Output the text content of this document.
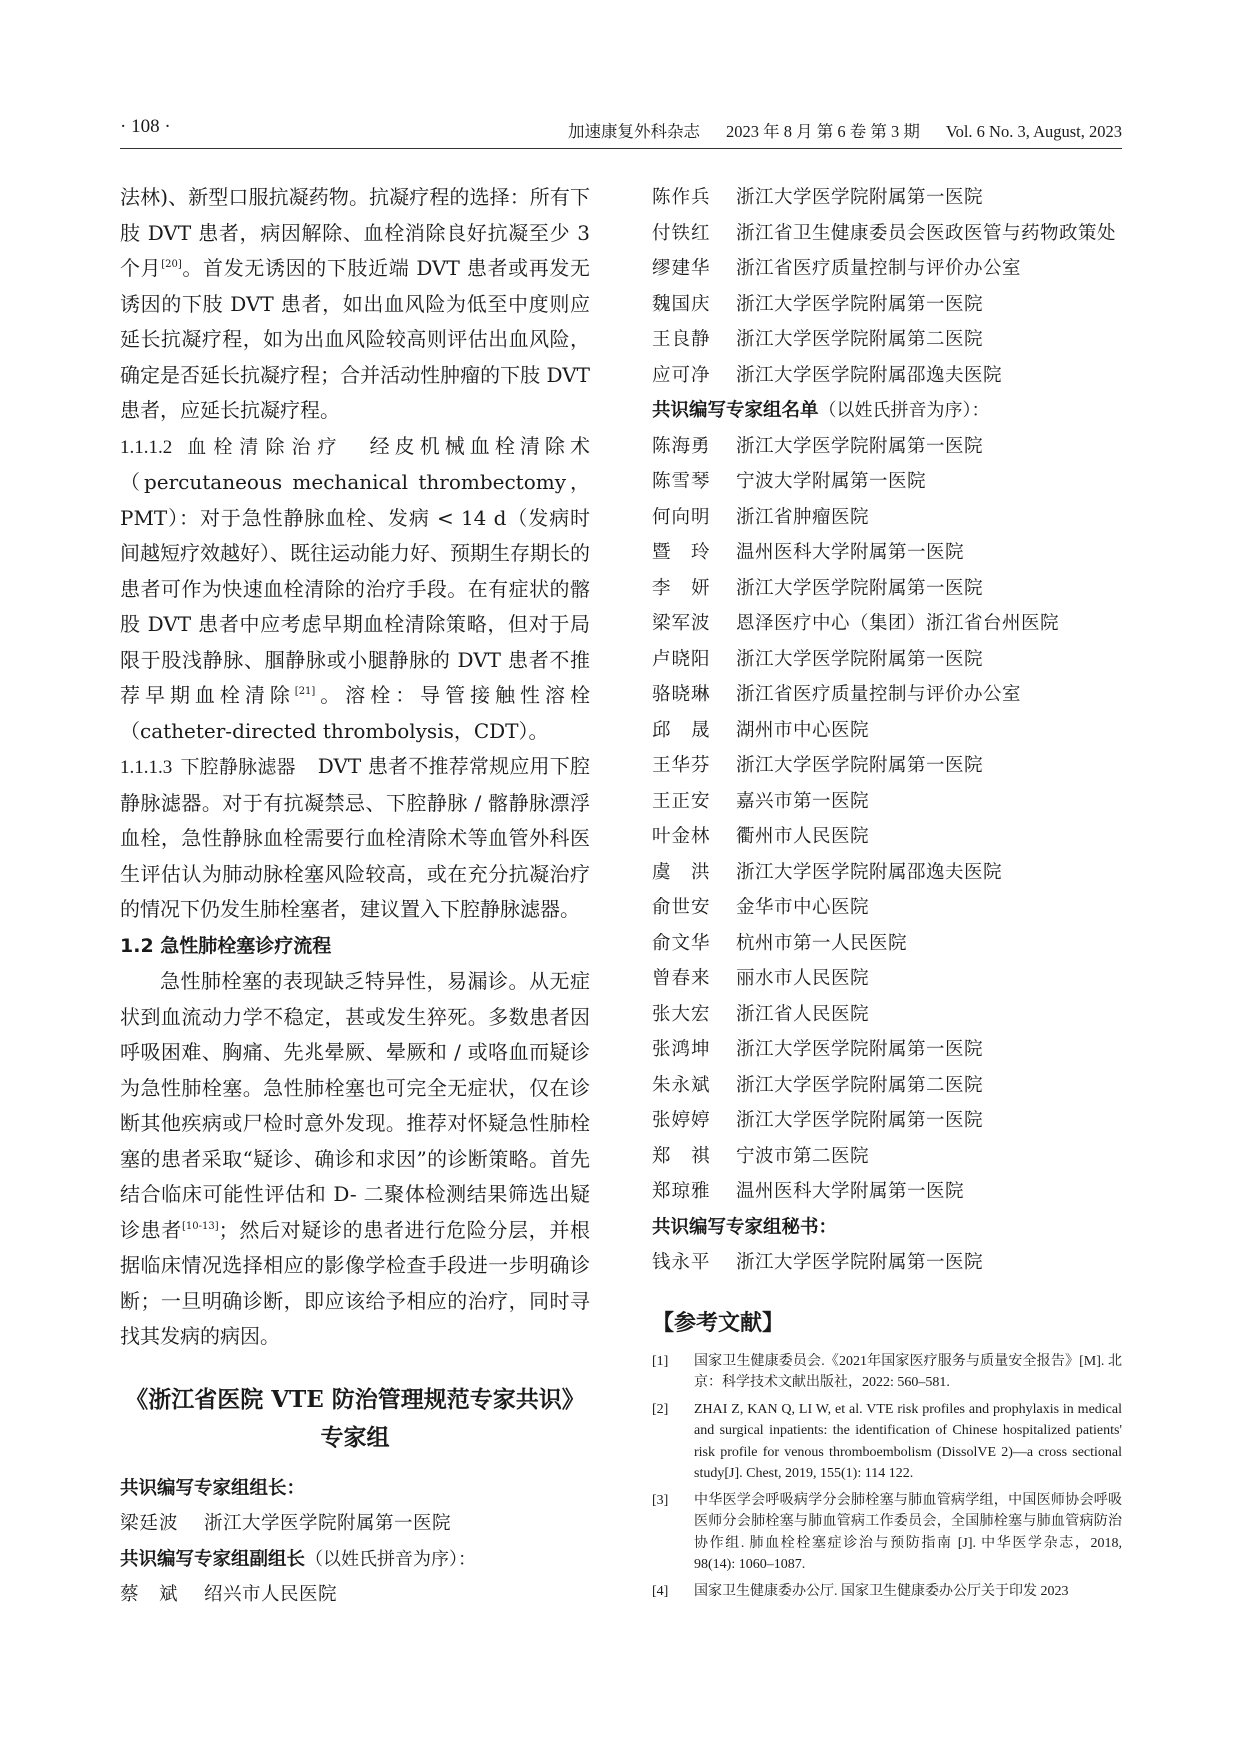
· 108 ·	加速康复外科杂志 2023 年 8 月 第 6 卷 第 3 期 Vol. 6 No. 3, August, 2023

法林)、新型口服抗凝药物。抗凝疗程的选择：所有下肢 DVT 患者，病因解除、血栓消除良好抗凝至少 3 个月[20]。首发无诱因的下肢近端 DVT 患者或再发无诱因的下肢 DVT 患者，如出血风险为低至中度则应延长抗凝疗程，如为出血风险较高则评估出血风险，确定是否延长抗凝疗程；合并活动性肿瘤的下肢 DVT 患者，应延长抗凝疗程。

1.1.1.2 血栓清除治疗 经皮机械血栓清除术（percutaneous mechanical thrombectomy，PMT）：对于急性静脉血栓、发病 < 14 d（发病时间越短疗效越好）、既往运动能力好、预期生存期长的患者可作为快速血栓清除的治疗手段。在有症状的髂股 DVT 患者中应考虑早期血栓清除策略，但对于局限于股浅静脉、腘静脉或小腿静脉的 DVT 患者不推荐早期血栓清除[21]。溶栓：导管接触性溶栓（catheter-directed thrombolysis，CDT）。

1.1.1.3 下腔静脉滤器 DVT 患者不推荐常规应用下腔静脉滤器。对于有抗凝禁忌、下腔静脉 / 髂静脉漂浮血栓，急性静脉血栓需要行血栓清除术等血管外科医生评估认为肺动脉栓塞风险较高，或在充分抗凝治疗的情况下仍发生肺栓塞者，建议置入下腔静脉滤器。

1.2 急性肺栓塞诊疗流程

急性肺栓塞的表现缺乏特异性，易漏诊。从无症状到血流动力学不稳定，甚或发生猝死。多数患者因呼吸困难、胸痛、先兆晕厥、晕厥和 / 或咯血而疑诊为急性肺栓塞。急性肺栓塞也可完全无症状，仅在诊断其他疾病或尸检时意外发现。推荐对怀疑急性肺栓塞的患者采取“疑诊、确诊和求因”的诊断策略。首先结合临床可能性评估和 D- 二聚体检测结果筛选出疑诊患者[10-13]；然后对疑诊的患者进行危险分层，并根据临床情况选择相应的影像学检查手段进一步明确诊断；一旦明确诊断，即应该给予相应的治疗，同时寻找其发病的病因。

《浙江省医院 VTE 防治管理规范专家共识》
专家组

共识编写专家组组长：

梁廷波	浙江大学医学院附属第一医院

共识编写专家组副组长（以姓氏拼音为序）：

蔡　斌	绍兴市人民医院
陈作兵	浙江大学医学院附属第一医院
付铁红	浙江省卫生健康委员会医政医管与药物政策处
缪建华	浙江省医疗质量控制与评价办公室
魏国庆	浙江大学医学院附属第一医院
王良静	浙江大学医学院附属第二医院
应可净	浙江大学医学院附属邵逸夫医院

共识编写专家组名单（以姓氏拼音为序）：

陈海勇	浙江大学医学院附属第一医院
陈雪琴	宁波大学附属第一医院
何向明	浙江省肿瘤医院
暨　玲	温州医科大学附属第一医院
李　妍	浙江大学医学院附属第一医院
梁军波	恩泽医疗中心（集团）浙江省台州医院
卢晓阳	浙江大学医学院附属第一医院
骆晓琳	浙江省医疗质量控制与评价办公室
邱　晟	湖州市中心医院
王华芬	浙江大学医学院附属第一医院
王正安	嘉兴市第一医院
叶金林	衢州市人民医院
虞　洪	浙江大学医学院附属邵逸夫医院
俞世安	金华市中心医院
俞文华	杭州市第一人民医院
曾春来	丽水市人民医院
张大宏	浙江省人民医院
张鸿坤	浙江大学医学院附属第一医院
朱永斌	浙江大学医学院附属第二医院
张婷婷	浙江大学医学院附属第一医院
郑　祺	宁波市第二医院
郑琼雅	温州医科大学附属第一医院

共识编写专家组秘书：

钱永平	浙江大学医学院附属第一医院
【参考文献】
[1]	国家卫生健康委员会.《2021年国家医疗服务与质量安全报告》[M]. 北京：科学技术文献出版社，2022: 560–581.
[2]	ZHAI Z, KAN Q, LI W, et al. VTE risk profiles and prophylaxis in medical and surgical inpatients: the identification of Chinese hospitalized patients' risk profile for venous thromboembolism (DissolVE 2)—a cross sectional study[J]. Chest, 2019, 155(1): 114 122.
[3]	中华医学会呼吸病学分会肺栓塞与肺血管病学组，中国医师协会呼吸医师分会肺栓塞与肺血管病工作委员会，全国肺栓塞与肺血管病防治协作组. 肺血栓栓塞症诊治与预防指南 [J]. 中华医学杂志，2018, 98(14): 1060–1087.
[4]	国家卫生健康委办公厅. 国家卫生健康委办公厅关于印发 2023
